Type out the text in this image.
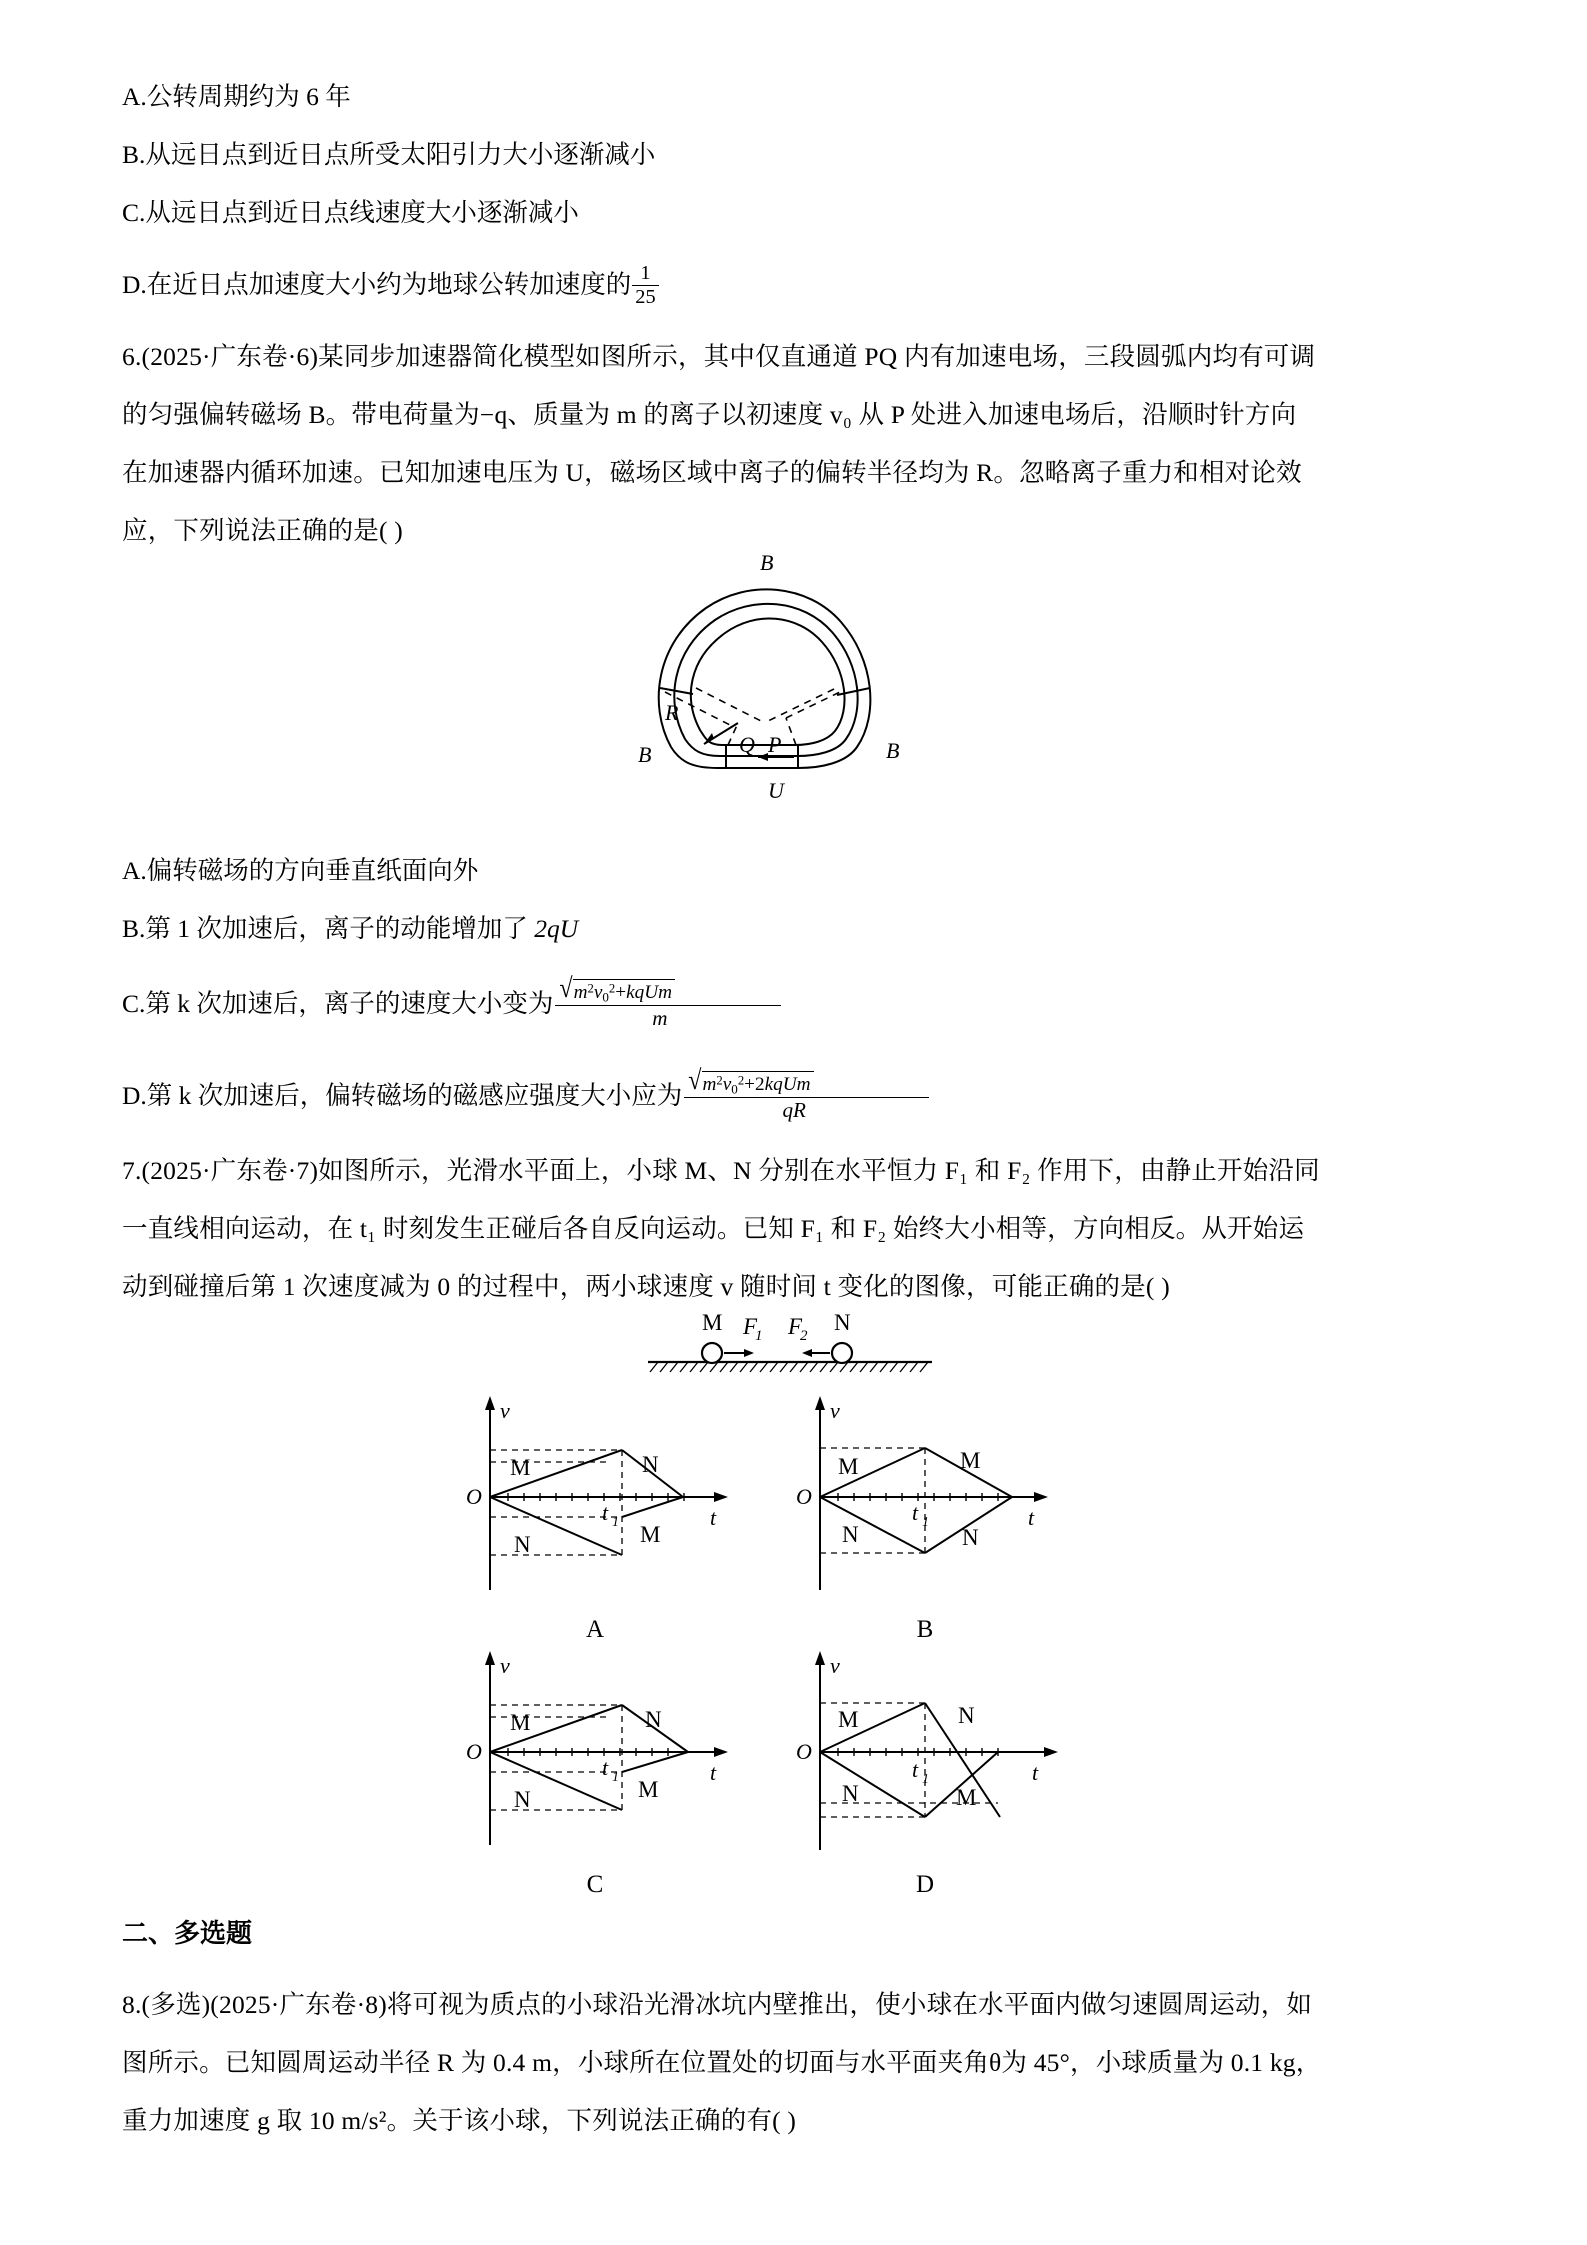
A.公转周期约为 6 年
B.从远日点到近日点所受太阳引力大小逐渐减小
C.从远日点到近日点线速度大小逐渐减小
D.在近日点加速度大小约为地球公转加速度的 $\frac{1}{25}$
6.(2025·广东卷·6)某同步加速器简化模型如图所示，其中仅直通道 PQ 内有加速电场，三段圆弧内均有可调
的匀强偏转磁场 B。带电荷量为−q、质量为 m 的离子以初速度 v₀ 从 P 处进入加速电场后，沿顺时针方向
在加速器内循环加速。已知加速电压为 U，磁场区域中离子的偏转半径均为 R。忽略离子重力和相对论效
应，下列说法正确的是( )
A.偏转磁场的方向垂直纸面向外
B.第 1 次加速后，离子的动能增加了 2qU
C.第 k 次加速后，离子的速度大小变为 $\frac{√m^2v_0^2+kqUm}{m}$
D.第 k 次加速后，偏转磁场的磁感应强度大小应为 $\frac{√m^2v_0^2+2kqUm}{qR}$
7.(2025·广东卷·7)如图所示，光滑水平面上，小球 M、N 分别在水平恒力 F₁ 和 F₂ 作用下，由静止开始沿同
一直线相向运动，在 t₁ 时刻发生正碰后各自反向运动。已知 F₁ 和 F₂ 始终大小相等，方向相反。从开始运
动到碰撞后第 1 次速度减为 0 的过程中，两小球速度 v 随时间 t 变化的图像，可能正确的是( )
二、多选题
8.(多选)(2025·广东卷·8)将可视为质点的小球沿光滑冰坑内壁推出，使小球在水平面内做匀速圆周运动，如
图所示。已知圆周运动半径 R 为 0.4 m，小球所在位置处的切面与水平面夹角θ为 45°，小球质量为 0.1 kg，
重力加速度 g 取 10 m/s²。关于该小球，下列说法正确的有( )
B
B	B
R
Q P
U
M	N
F
1 F
2
O
v
t
t 1
M	N
N	M
A
O
v
t
t 1
M	M
N	N
B
O
v
t
t 1
M	N
N	M
C
O
v
t
t 1
M	N
N	M
D
